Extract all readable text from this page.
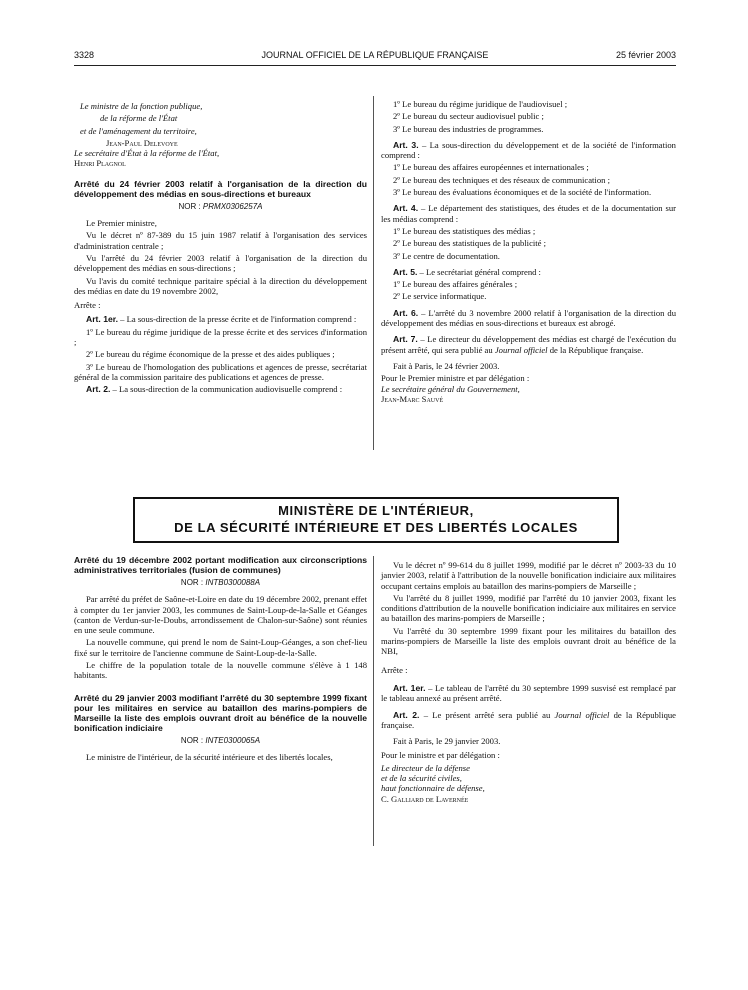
3328	JOURNAL OFFICIEL DE LA RÉPUBLIQUE FRANÇAISE	25 février 2003

Le ministre de la fonction publique,

de la réforme de l'État

et de l'aménagement du territoire,

Jean-Paul Delevoye

Le secrétaire d'État à la réforme de l'État,

Henri Plagnol

Arrêté du 24 février 2003 relatif à l'organisation de la direction du développement des médias en sous-directions et bureaux
NOR : PRMX0306257A

Le Premier ministre,

Vu le décret nº 87-389 du 15 juin 1987 relatif à l'organisation des services d'administration centrale ;

Vu l'arrêté du 24 février 2003 relatif à l'organisation de la direction du développement des médias en sous-directions ;

Vu l'avis du comité technique paritaire spécial à la direction du développement des médias en date du 19 novembre 2002,

Arrête :

Art. 1er. – La sous-direction de la presse écrite et de l'information comprend :

1º Le bureau du régime juridique de la presse écrite et des services d'information ;

2º Le bureau du régime économique de la presse et des aides publiques ;

3º Le bureau de l'homologation des publications et agences de presse, secrétariat général de la commission paritaire des publications et agences de presse.

Art. 2. – La sous-direction de la communication audiovisuelle comprend :

1º Le bureau du régime juridique de l'audiovisuel ;

2º Le bureau du secteur audiovisuel public ;

3º Le bureau des industries de programmes.

Art. 3. – La sous-direction du développement et de la société de l'information comprend :

1º Le bureau des affaires européennes et internationales ;

2º Le bureau des techniques et des réseaux de communication ;

3º Le bureau des évaluations économiques et de la société de l'information.

Art. 4. – Le département des statistiques, des études et de la documentation sur les médias comprend :

1º Le bureau des statistiques des médias ;

2º Le bureau des statistiques de la publicité ;

3º Le centre de documentation.

Art. 5. – Le secrétariat général comprend :

1º Le bureau des affaires générales ;

2º Le service informatique.

Art. 6. – L'arrêté du 3 novembre 2000 relatif à l'organisation de la direction du développement des médias en sous-directions et bureaux est abrogé.

Art. 7. – Le directeur du développement des médias est chargé de l'exécution du présent arrêté, qui sera publié au Journal officiel de la République française.

Fait à Paris, le 24 février 2003.

Pour le Premier ministre et par délégation :

Le secrétaire général du Gouvernement,

Jean-Marc Sauvé

MINISTÈRE DE L'INTÉRIEUR,
DE LA SÉCURITÉ INTÉRIEURE ET DES LIBERTÉS LOCALES
Arrêté du 19 décembre 2002 portant modification aux circonscriptions administratives territoriales (fusion de communes)
NOR : INTB0300088A

Par arrêté du préfet de Saône-et-Loire en date du 19 décembre 2002, prenant effet à compter du 1er janvier 2003, les communes de Saint-Loup-de-la-Salle et Géanges (canton de Verdun-sur-le-Doubs, arrondissement de Chalon-sur-Saône) sont réunies en une seule commune.

La nouvelle commune, qui prend le nom de Saint-Loup-Géanges, a son chef-lieu fixé sur le territoire de l'ancienne commune de Saint-Loup-de-la-Salle.

Le chiffre de la population totale de la nouvelle commune s'élève à 1 148 habitants.

Arrêté du 29 janvier 2003 modifiant l'arrêté du 30 septembre 1999 fixant pour les militaires en service au bataillon des marins-pompiers de Marseille la liste des emplois ouvrant droit au bénéfice de la nouvelle bonification indiciaire
NOR : INTE0300065A

Le ministre de l'intérieur, de la sécurité intérieure et des libertés locales,

Vu le décret nº 99-614 du 8 juillet 1999, modifié par le décret nº 2003-33 du 10 janvier 2003, relatif à l'attribution de la nouvelle bonification indiciaire aux militaires occupant certains emplois au bataillon des marins-pompiers de Marseille ;

Vu l'arrêté du 8 juillet 1999, modifié par l'arrêté du 10 janvier 2003, fixant les conditions d'attribution de la nouvelle bonification indiciaire aux militaires en service au bataillon des marins-pompiers de Marseille ;

Vu l'arrêté du 30 septembre 1999 fixant pour les militaires du bataillon des marins-pompiers de Marseille la liste des emplois ouvrant droit au bénéfice de la NBI,

Arrête :

Art. 1er. – Le tableau de l'arrêté du 30 septembre 1999 susvisé est remplacé par le tableau annexé au présent arrêté.

Art. 2. – Le présent arrêté sera publié au Journal officiel de la République française.

Fait à Paris, le 29 janvier 2003.

Pour le ministre et par délégation :

Le directeur de la défense

et de la sécurité civiles,

haut fonctionnaire de défense,

C. Galliard de Lavernée
